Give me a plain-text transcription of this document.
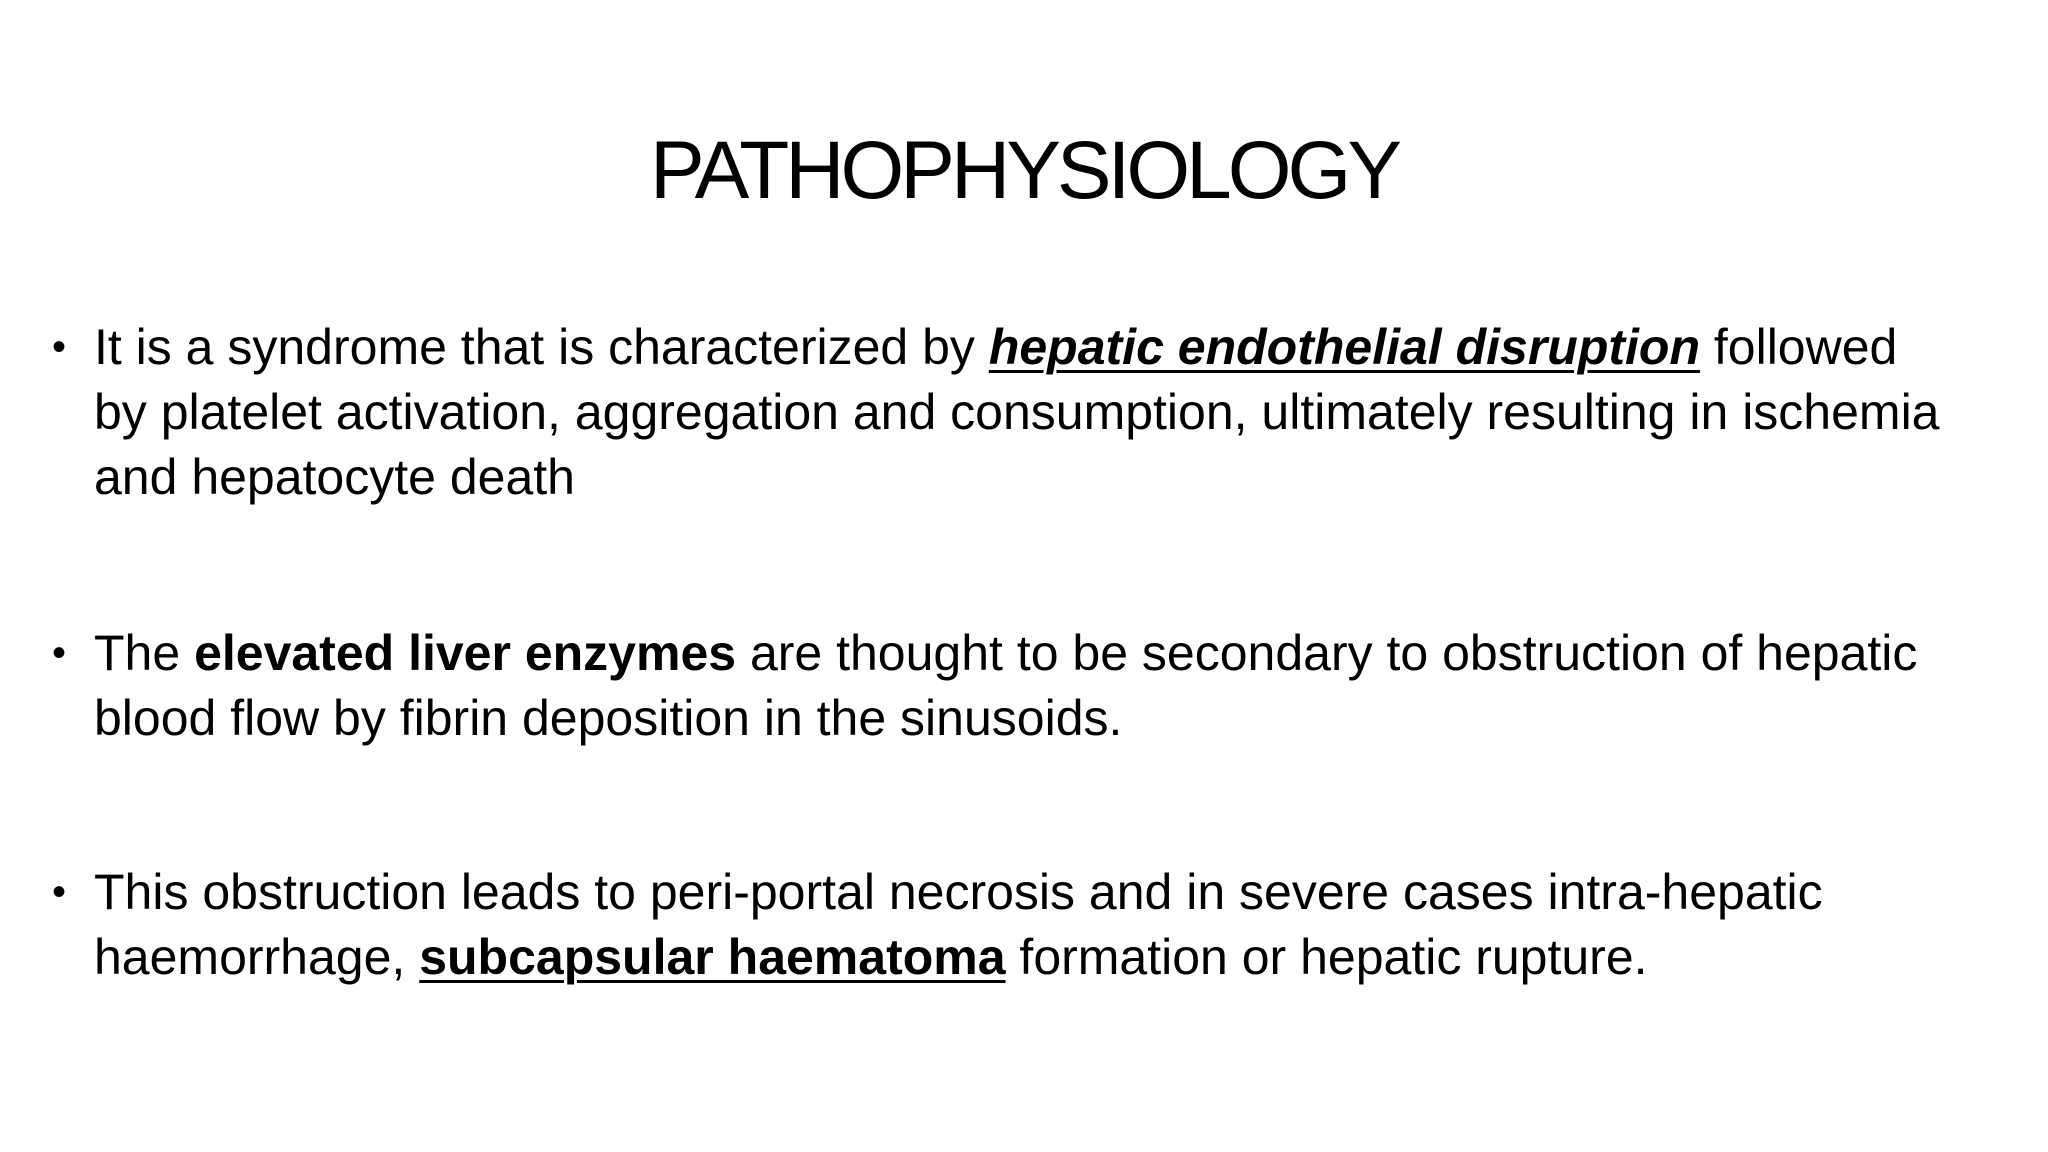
PATHOPHYSIOLOGY
• It is a syndrome that is characterized by hepatic endothelial disruption followed by platelet activation, aggregation and consumption, ultimately resulting in ischemia and hepatocyte death
• The elevated liver enzymes are thought to be secondary to obstruction of hepatic blood flow by fibrin deposition in the sinusoids.
• This obstruction leads to peri-portal necrosis and in severe cases intra-hepatic haemorrhage, subcapsular haematoma formation or hepatic rupture.
